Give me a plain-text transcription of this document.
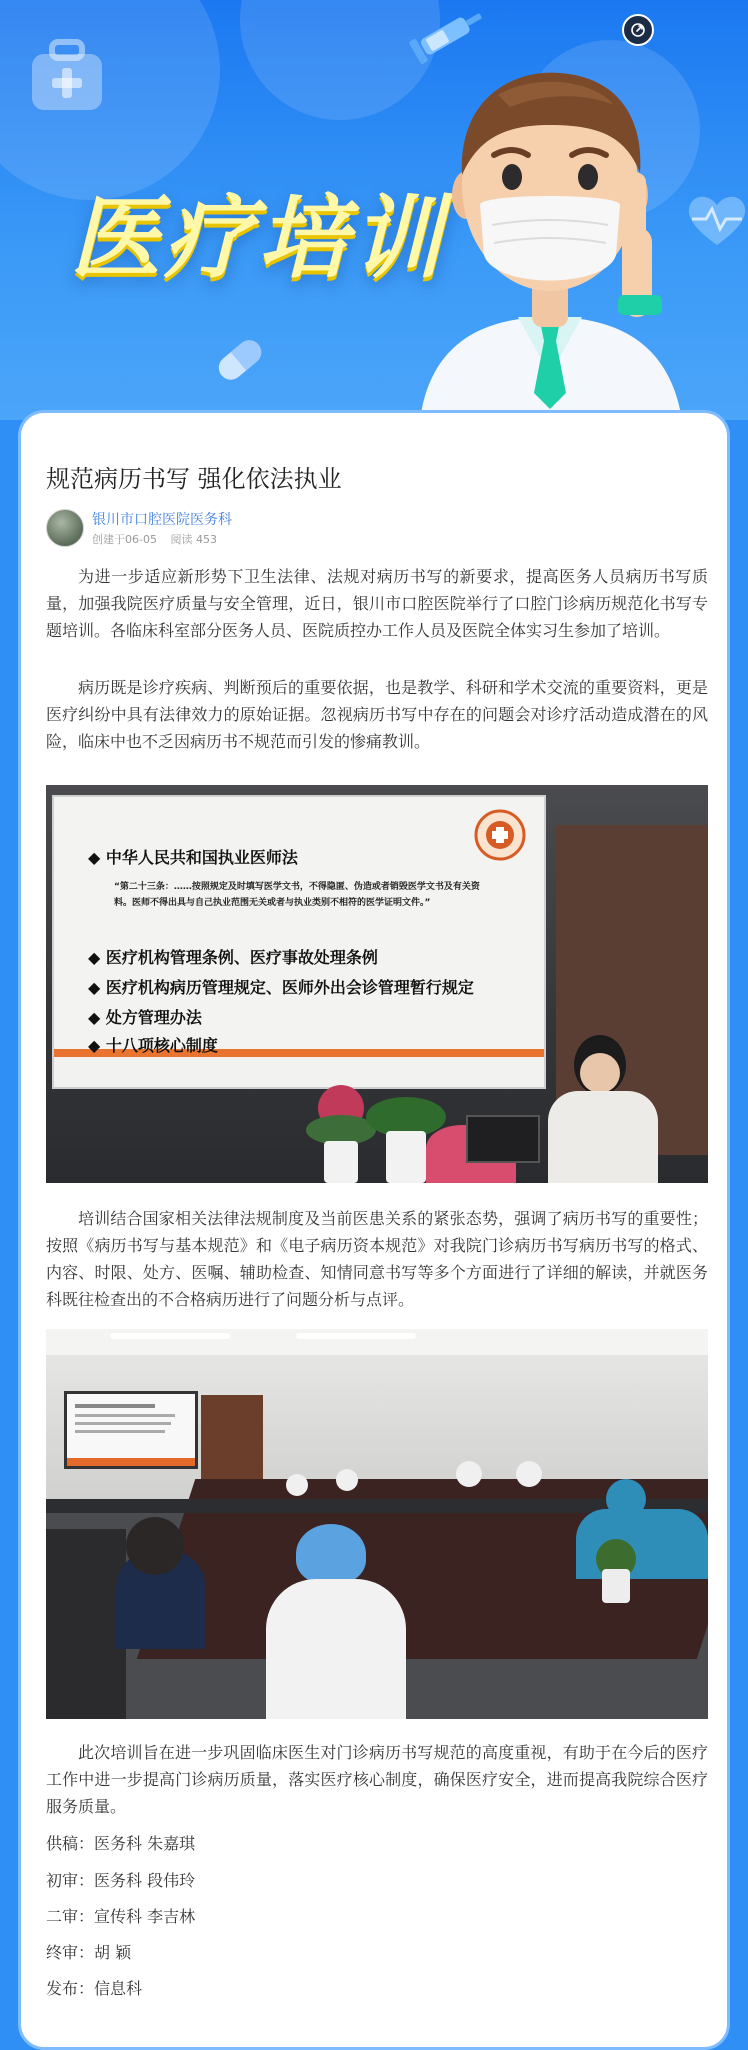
医疗培训
规范病历书写 强化依法执业
银川市口腔医院医务科
创建于06-05 阅读 453
为进一步适应新形势下卫生法律、法规对病历书写的新要求，提高医务人员病历书写质量，加强我院医疗质量与安全管理，近日，银川市口腔医院举行了口腔门诊病历规范化书写专题培训。各临床科室部分医务人员、医院质控办工作人员及医院全体实习生参加了培训。
病历既是诊疗疾病、判断预后的重要依据，也是教学、科研和学术交流的重要资料，更是医疗纠纷中具有法律效力的原始证据。忽视病历书写中存在的问题会对诊疗活动造成潜在的风险，临床中也不乏因病历书不规范而引发的惨痛教训。
◆ 中华人民共和国执业医师法
“第二十三条：……按照规定及时填写医学文书，不得隐匿、伪造或者销毁医学文书及有关资料。医师不得出具与自己执业范围无关或者与执业类别不相符的医学证明文件。”
◆ 医疗机构管理条例、医疗事故处理条例
◆ 医疗机构病历管理规定、医师外出会诊管理暂行规定
◆ 处方管理办法
◆ 十八项核心制度
培训结合国家相关法律法规制度及当前医患关系的紧张态势，强调了病历书写的重要性；按照《病历书写与基本规范》和《电子病历资本规范》对我院门诊病历书写病历书写的格式、内容、时限、处方、医嘱、辅助检查、知情同意书写等多个方面进行了详细的解读，并就医务科既往检查出的不合格病历进行了问题分析与点评。
此次培训旨在进一步巩固临床医生对门诊病历书写规范的高度重视，有助于在今后的医疗工作中进一步提高门诊病历质量，落实医疗核心制度，确保医疗安全，进而提高我院综合医疗服务质量。
供稿：医务科 朱嘉琪
初审：医务科 段伟玲
二审：宣传科 李吉林
终审：胡 颖
发布：信息科
